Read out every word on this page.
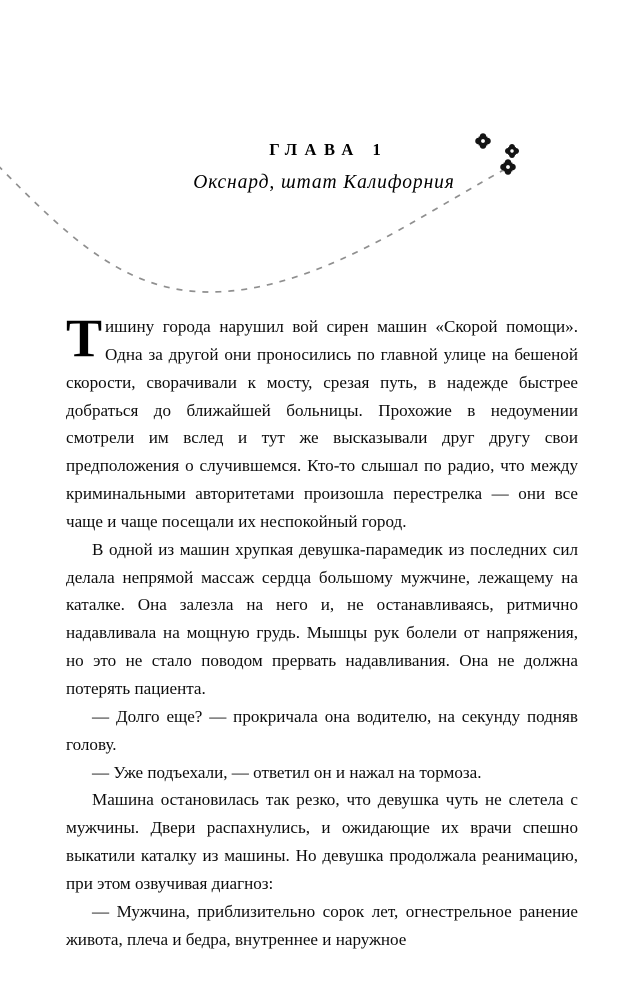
ГЛАВА 1
Окснард, штат Калифорния

Тишину города нарушил вой сирен машин «Скорой помощи». Одна за другой они проносились по главной улице на бешеной скорости, сворачивали к мосту, срезая путь, в надежде быстрее добраться до ближайшей больницы. Прохожие в недоумении смотрели им вслед и тут же высказывали друг другу свои предположения о случившемся. Кто-то слышал по радио, что между криминальными авторитетами произошла перестрелка — они все чаще и чаще посещали их неспокойный город.

В одной из машин хрупкая девушка-парамедик из последних сил делала непрямой массаж сердца большому мужчине, лежащему на каталке. Она залезла на него и, не останавливаясь, ритмично надавливала на мощную грудь. Мышцы рук болели от напряжения, но это не стало поводом прервать надавливания. Она не должна потерять пациента.

— Долго еще? — прокричала она водителю, на секунду подняв голову.

— Уже подъехали, — ответил он и нажал на тормоза.

Машина остановилась так резко, что девушка чуть не слетела с мужчины. Двери распахнулись, и ожидающие их врачи спешно выкатили каталку из машины. Но девушка продолжала реанимацию, при этом озвучивая диагноз:

— Мужчина, приблизительно сорок лет, огнестрельное ранение живота, плеча и бедра, внутреннее и наружное
